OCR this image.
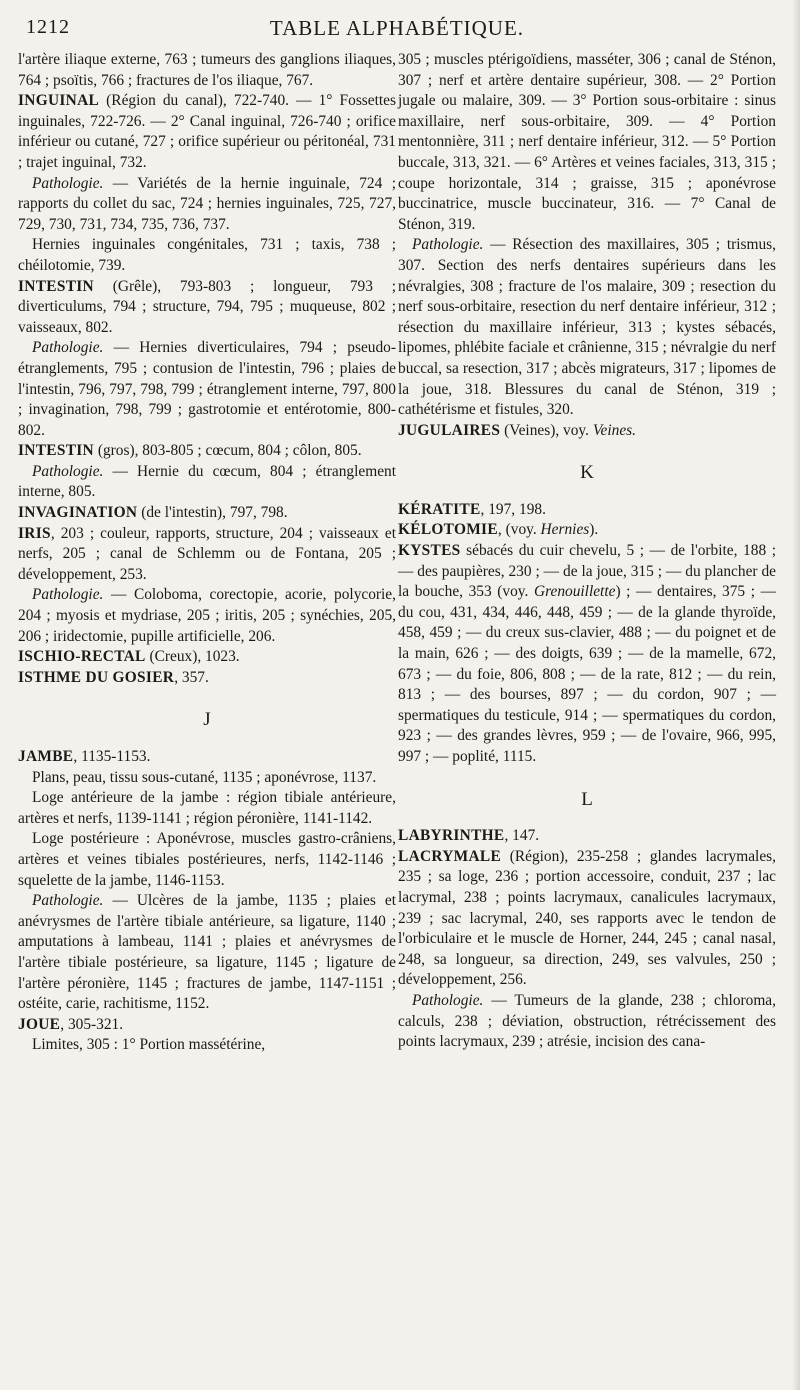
1212	TABLE ALPHABÉTIQUE.

l'artère iliaque externe, 763 ; tumeurs des ganglions iliaques, 764 ; psoïtis, 766 ; fractures de l'os iliaque, 767.

INGUINAL (Région du canal), 722-740. — 1° Fossettes inguinales, 722-726. — 2° Canal inguinal, 726-740 ; orifice inférieur ou cutané, 727 ; orifice supérieur ou péritonéal, 731 ; trajet inguinal, 732.

Pathologie. — Variétés de la hernie inguinale, 724 ; rapports du collet du sac, 724 ; hernies inguinales, 725, 727, 729, 730, 731, 734, 735, 736, 737.

Hernies inguinales congénitales, 731 ; taxis, 738 ; chéilotomie, 739.

INTESTIN (Grêle), 793-803 ; longueur, 793 ; diverticulums, 794 ; structure, 794, 795 ; muqueuse, 802 ; vaisseaux, 802.

Pathologie. — Hernies diverticulaires, 794 ; pseudo-étranglements, 795 ; contusion de l'intestin, 796 ; plaies de l'intestin, 796, 797, 798, 799 ; étranglement interne, 797, 800 ; invagination, 798, 799 ; gastrotomie et entérotomie, 800-802.

INTESTIN (gros), 803-805 ; cœcum, 804 ; côlon, 805.

Pathologie. — Hernie du cœcum, 804 ; étranglement interne, 805.

INVAGINATION (de l'intestin), 797, 798.

IRIS, 203 ; couleur, rapports, structure, 204 ; vaisseaux et nerfs, 205 ; canal de Schlemm ou de Fontana, 205 ; développement, 253.

Pathologie. — Coloboma, corectopie, acorie, polycorie, 204 ; myosis et mydriase, 205 ; iritis, 205 ; synéchies, 205, 206 ; iridectomie, pupille artificielle, 206.

ISCHIO-RECTAL (Creux), 1023.

ISTHME DU GOSIER, 357.

J

JAMBE, 1135-1153.

Plans, peau, tissu sous-cutané, 1135 ; aponévrose, 1137.

Loge antérieure de la jambe : région tibiale antérieure, artères et nerfs, 1139-1141 ; région péronière, 1141-1142.

Loge postérieure : Aponévrose, muscles gastro-crâniens, artères et veines tibiales postérieures, nerfs, 1142-1146 ; squelette de la jambe, 1146-1153.

Pathologie. — Ulcères de la jambe, 1135 ; plaies et anévrysmes de l'artère tibiale antérieure, sa ligature, 1140 ; amputations à lambeau, 1141 ; plaies et anévrysmes de l'artère tibiale postérieure, sa ligature, 1145 ; ligature de l'artère péronière, 1145 ; fractures de jambe, 1147-1151 ; ostéite, carie, rachitisme, 1152.

JOUE, 305-321.

Limites, 305 : 1° Portion massétérine,

305 ; muscles ptérigoïdiens, masséter, 306 ; canal de Sténon, 307 ; nerf et artère dentaire supérieur, 308. — 2° Portion jugale ou malaire, 309. — 3° Portion sous-orbitaire : sinus maxillaire, nerf sous-orbitaire, 309. — 4° Portion mentonnière, 311 ; nerf dentaire inférieur, 312. — 5° Portion buccale, 313, 321. — 6° Artères et veines faciales, 313, 315 ; coupe horizontale, 314 ; graisse, 315 ; aponévrose buccinatrice, muscle buccinateur, 316. — 7° Canal de Sténon, 319.

Pathologie. — Résection des maxillaires, 305 ; trismus, 307. Section des nerfs dentaires supérieurs dans les névralgies, 308 ; fracture de l'os malaire, 309 ; resection du nerf sous-orbitaire, resection du nerf dentaire inférieur, 312 ; résection du maxillaire inférieur, 313 ; kystes sébacés, lipomes, phlébite faciale et crânienne, 315 ; névralgie du nerf buccal, sa resection, 317 ; abcès migrateurs, 317 ; lipomes de la joue, 318. Blessures du canal de Sténon, 319 ; cathétérisme et fistules, 320.

JUGULAIRES (Veines), voy. Veines.

K

KÉRATITE, 197, 198.

KÉLOTOMIE, (voy. Hernies).

KYSTES sébacés du cuir chevelu, 5 ; — de l'orbite, 188 ; — des paupières, 230 ; — de la joue, 315 ; — du plancher de la bouche, 353 (voy. Grenouillette) ; — dentaires, 375 ; — du cou, 431, 434, 446, 448, 459 ; — de la glande thyroïde, 458, 459 ; — du creux sus-clavier, 488 ; — du poignet et de la main, 626 ; — des doigts, 639 ; — de la mamelle, 672, 673 ; — du foie, 806, 808 ; — de la rate, 812 ; — du rein, 813 ; — des bourses, 897 ; — du cordon, 907 ; — spermatiques du testicule, 914 ; — spermatiques du cordon, 923 ; — des grandes lèvres, 959 ; — de l'ovaire, 966, 995, 997 ; — poplité, 1115.

L

LABYRINTHE, 147.

LACRYMALE (Région), 235-258 ; glandes lacrymales, 235 ; sa loge, 236 ; portion accessoire, conduit, 237 ; lac lacrymal, 238 ; points lacrymaux, canalicules lacrymaux, 239 ; sac lacrymal, 240, ses rapports avec le tendon de l'orbiculaire et le muscle de Horner, 244, 245 ; canal nasal, 248, sa longueur, sa direction, 249, ses valvules, 250 ; développement, 256.

Pathologie. — Tumeurs de la glande, 238 ; chloroma, calculs, 238 ; déviation, obstruction, rétrécissement des points lacrymaux, 239 ; atrésie, incision des cana-
